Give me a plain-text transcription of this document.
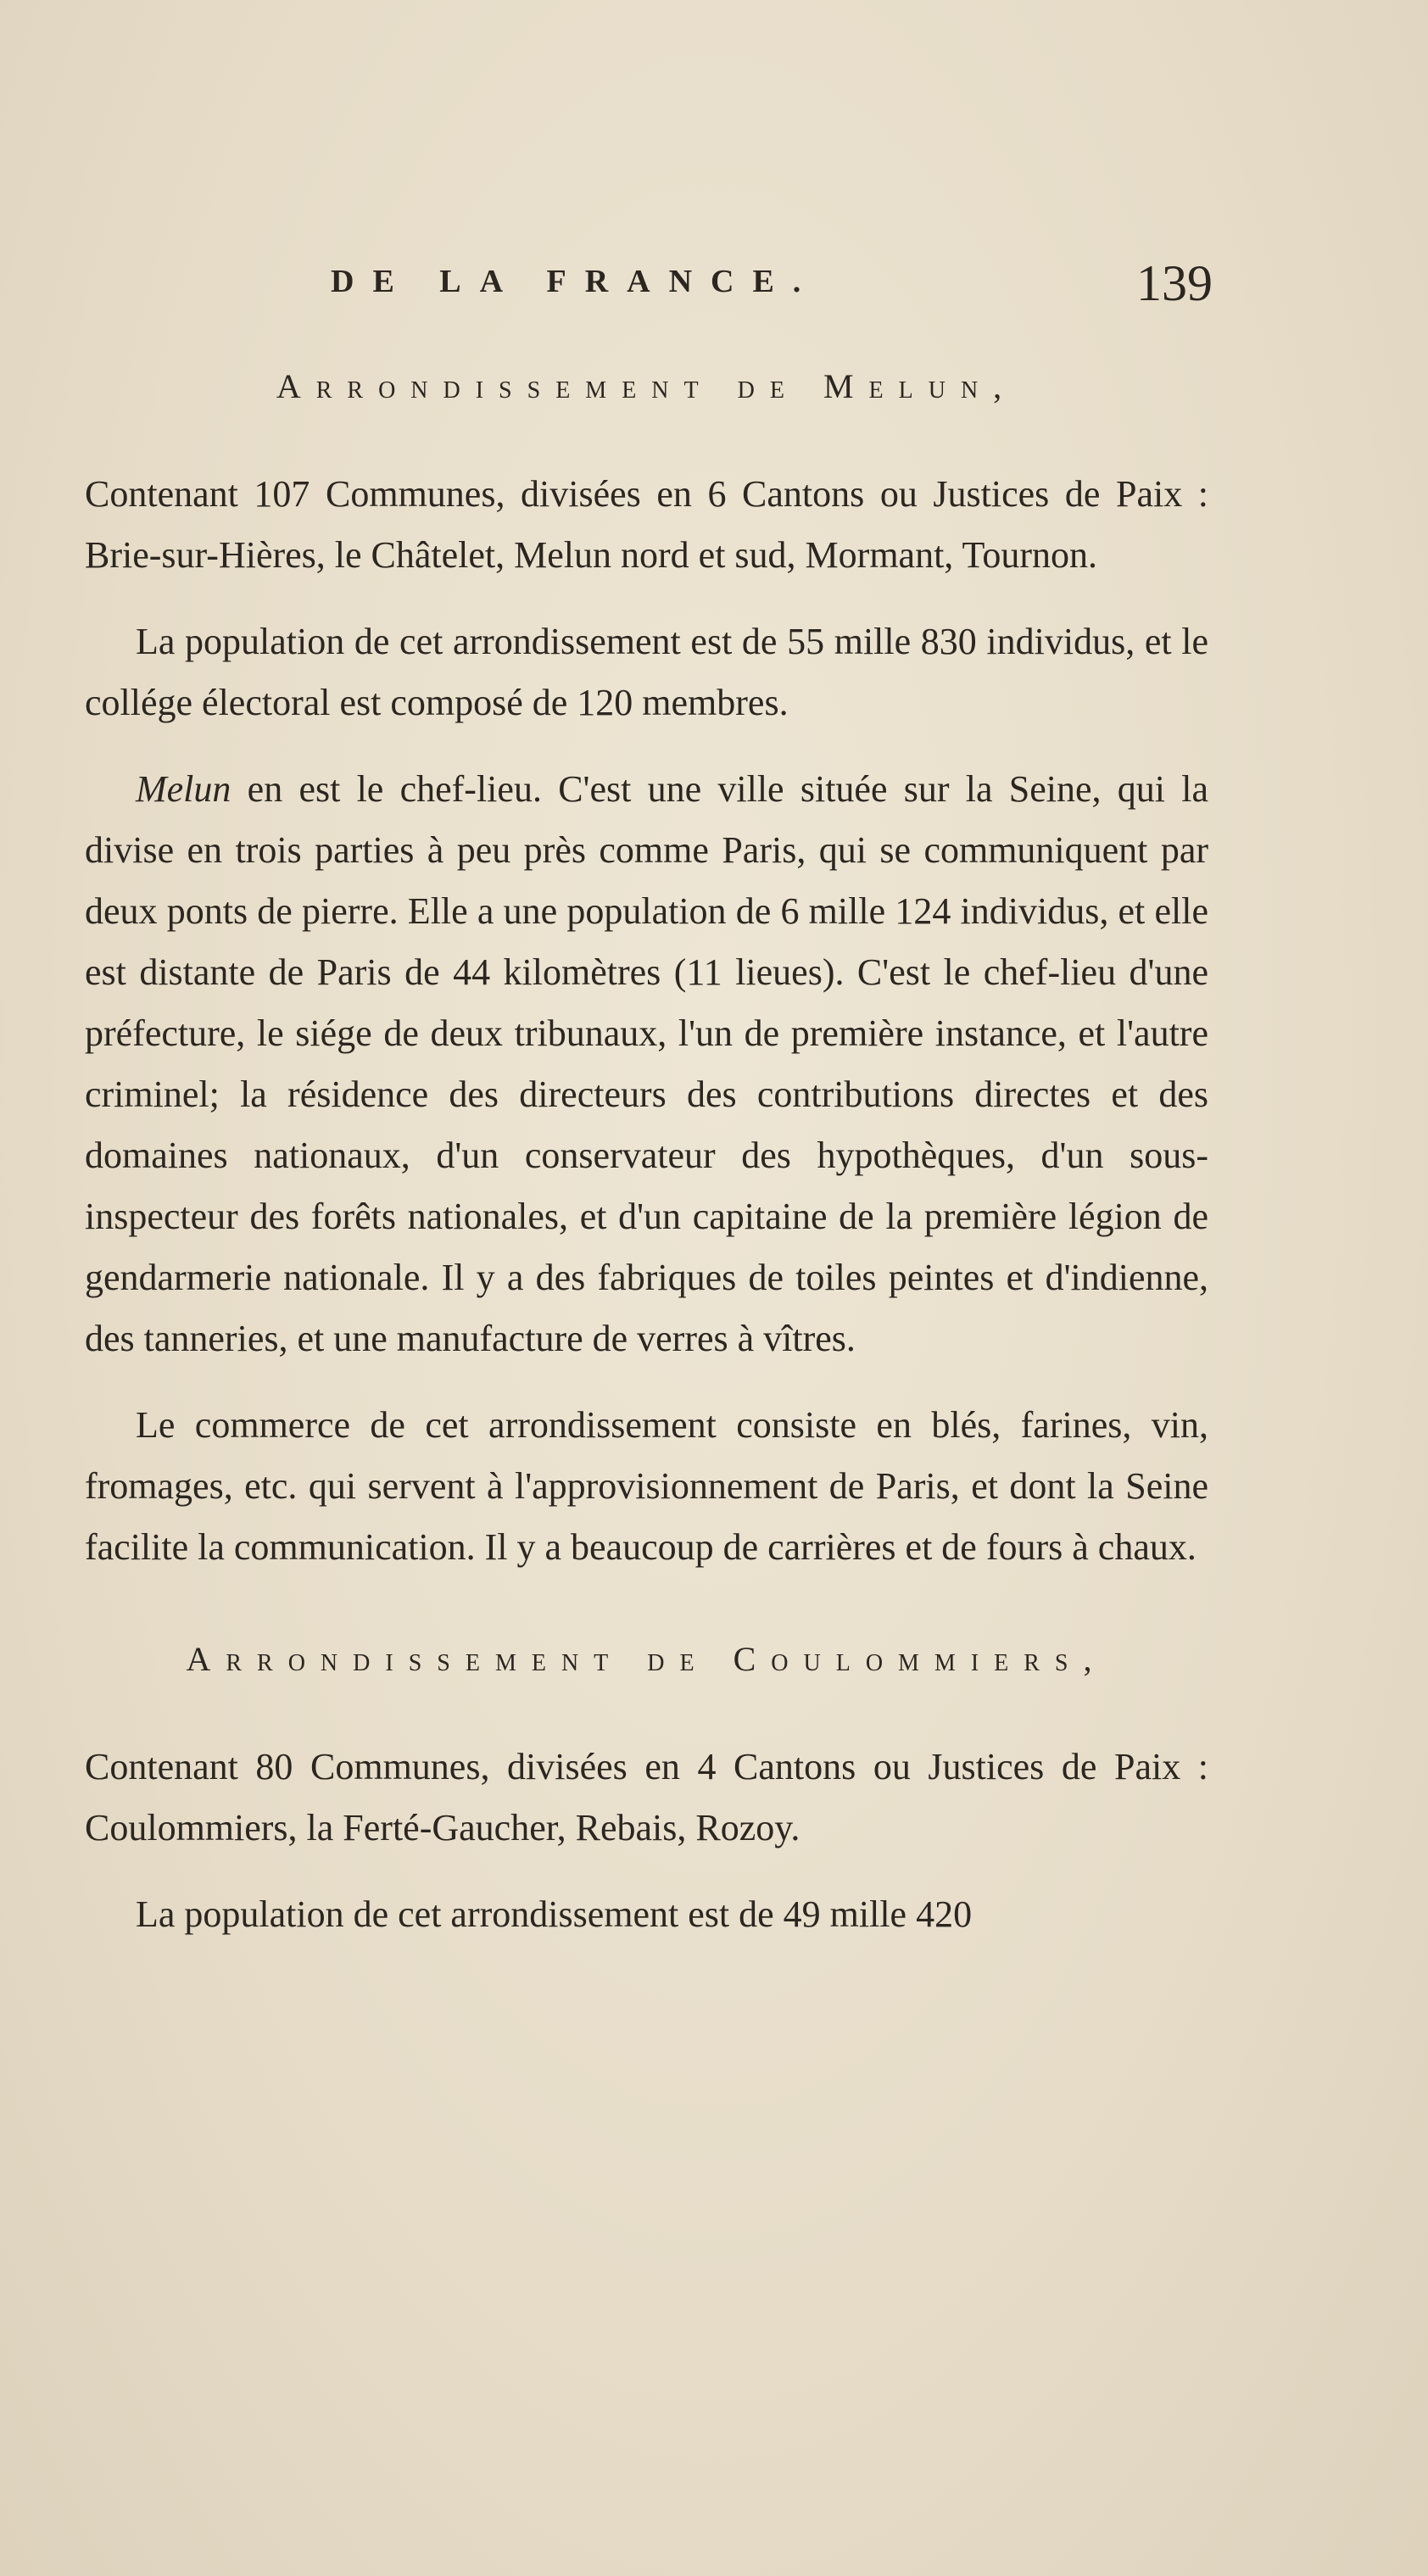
DE LA FRANCE.	139
Arrondissement de Melun,

Contenant 107 Communes, divisées en 6 Cantons ou Justices de Paix : Brie-sur-Hières, le Châtelet, Melun nord et sud, Mormant, Tournon.

La population de cet arrondissement est de 55 mille 830 individus, et le collége électoral est composé de 120 membres.

Melun en est le chef-lieu. C'est une ville située sur la Seine, qui la divise en trois parties à peu près comme Paris, qui se communiquent par deux ponts de pierre. Elle a une population de 6 mille 124 individus, et elle est distante de Paris de 44 kilomètres (11 lieues). C'est le chef-lieu d'une préfecture, le siége de deux tribunaux, l'un de première instance, et l'autre criminel; la résidence des directeurs des contributions directes et des domaines nationaux, d'un conservateur des hypothèques, d'un sous-inspecteur des forêts nationales, et d'un capitaine de la première légion de gendarmerie nationale. Il y a des fabriques de toiles peintes et d'indienne, des tanneries, et une manufacture de verres à vîtres.

Le commerce de cet arrondissement consiste en blés, farines, vin, fromages, etc. qui servent à l'approvisionnement de Paris, et dont la Seine facilite la communication. Il y a beaucoup de carrières et de fours à chaux.

Arrondissement de Coulommiers,

Contenant 80 Communes, divisées en 4 Cantons ou Justices de Paix : Coulommiers, la Ferté-Gaucher, Rebais, Rozoy.

La population de cet arrondissement est de 49 mille 420
